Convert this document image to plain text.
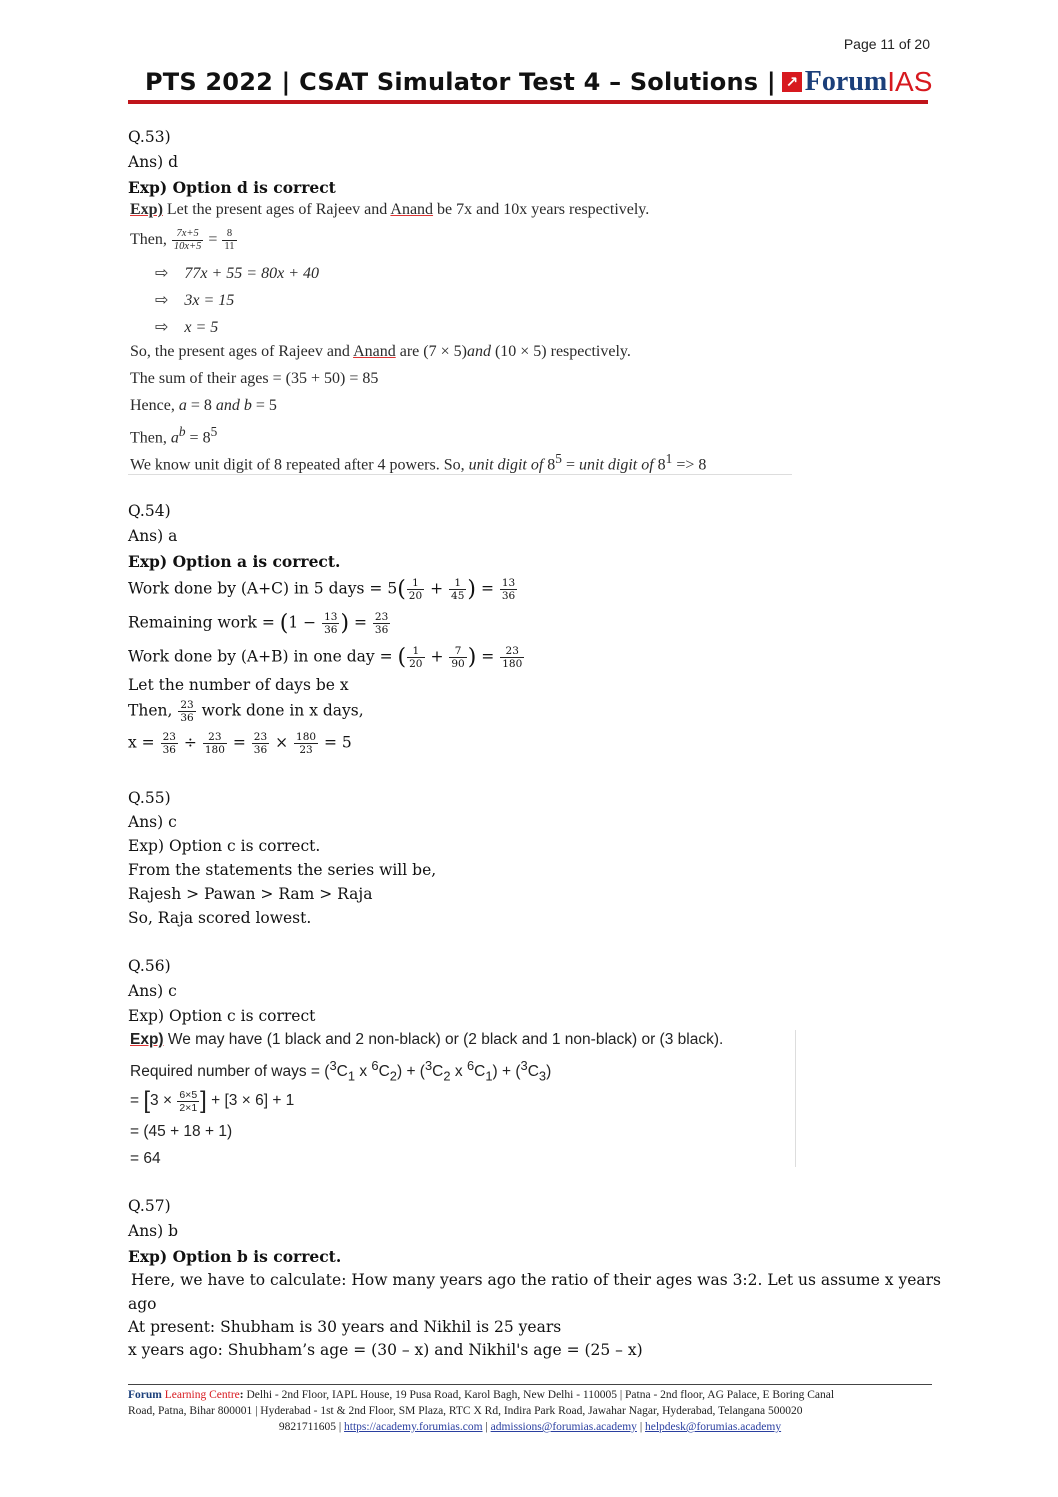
Page 11 of 20
PTS 2022 | CSAT Simulator Test 4 – Solutions | ↗ Forum IAS
Q.53)
Ans) d
Exp) Option d is correct
Exp) Let the present ages of Rajeev and Anand be 7x and 10x years respectively.
Then, $\frac{7x+5}{10x+5} = \frac{8}{11}$
⇨ 77x + 55 = 80x + 40
⇨ 3x = 15
⇨ x = 5
So, the present ages of Rajeev and Anand are (7 × 5)and (10 × 5) respectively.
The sum of their ages = (35 + 50) = 85
Hence, a = 8 and b = 5
Then, $a^b = 8^5$
We know unit digit of 8 repeated after 4 powers. So, unit digit of $8^5$ = unit digit of $8^1 => 8$
Q.54)
Ans) a
Exp) Option a is correct.
Work done by (A+C) in 5 days = $5( \frac{1}{20} + \frac{1}{45}$ ) = $\frac{13}{36}$
Remaining work = ($1 - \frac{13}{36}$ ) = $\frac{23}{36}$
Work done by (A+B) in one day = ( $\frac{1}{20} + \frac{7}{90}$ ) = $\frac{23}{180}$
Let the number of days be x
Then, $\frac{23}{36}$ work done in x days,
$x = \frac{23}{36} \div \frac{23}{180} = \frac{23}{36} \times \frac{180}{23} = 5$
Q.55)
Ans) c
Exp) Option c is correct.
From the statements the series will be,
Rajesh > Pawan > Ram > Raja
So, Raja scored lowest.
Q.56)
Ans) c
Exp) Option c is correct
Exp) We may have (1 black and 2 non-black) or (2 black and 1 non-black) or (3 black).
Required number of ways = ($^3C_1$ x $^6C_2) + (^3C_2$ x $^6C_1) + (^3C_3)$
= [$3 \times \frac{6\times 5}{2\times 1}$ ] + [3 × 6] + 1
= (45 + 18 + 1)
= 64
Q.57)
Ans) b
Exp) Option b is correct.
Here, we have to calculate: How many years ago the ratio of their ages was 3:2. Let us assume x years
ago
At present: Shubham is 30 years and Nikhil is 25 years
x years ago: Shubham’s age = (30 – x) and Nikhil's age = (25 – x)
Forum Learning Centre: Delhi - 2nd Floor, IAPL House, 19 Pusa Road, Karol Bagh, New Delhi - 110005 | Patna - 2nd floor, AG Palace, E Boring Canal
Road, Patna, Bihar 800001 | Hyderabad - 1st & 2nd Floor, SM Plaza, RTC X Rd, Indira Park Road, Jawahar Nagar, Hyderabad, Telangana 500020
9821711605 | https://academy.forumias.com | admissions@forumias.academy | helpdesk@forumias.academy
